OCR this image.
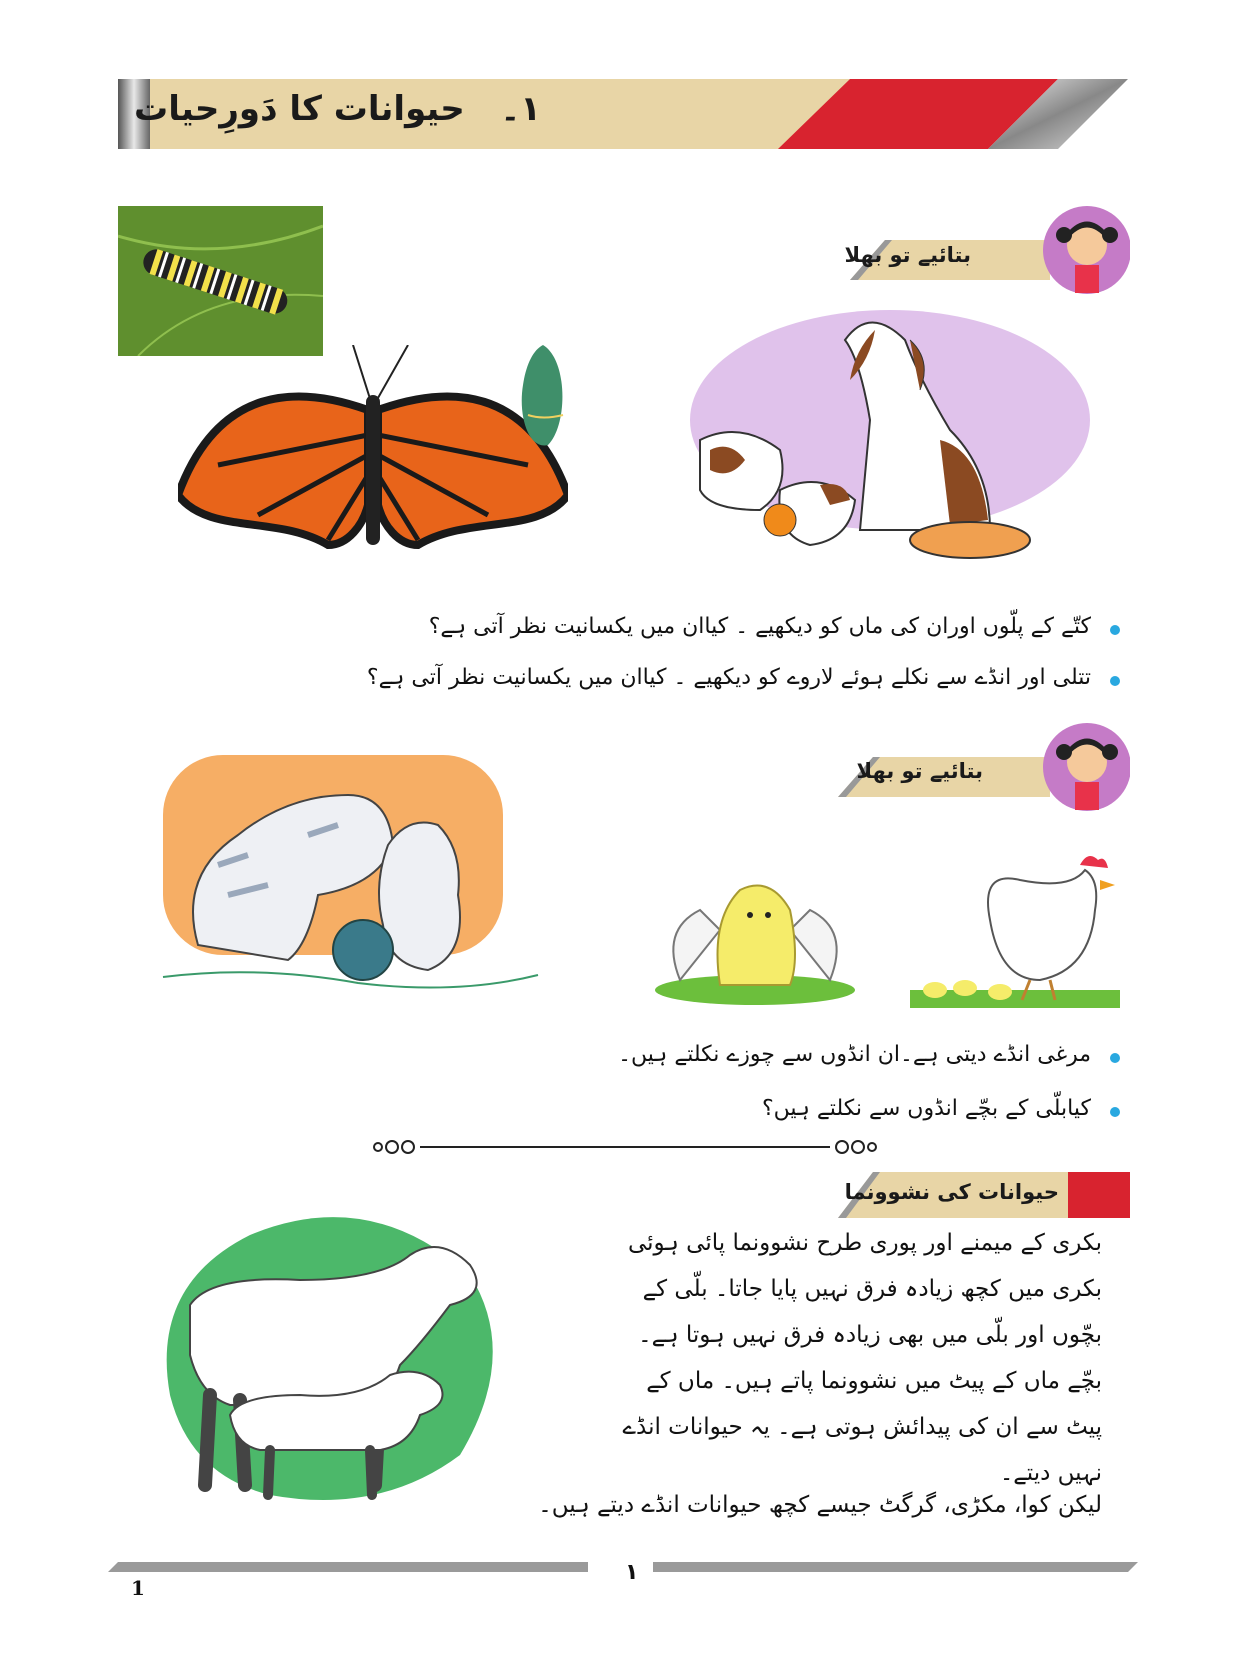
۱۔   حیوانات کا دَورِحیات
بتائیے تو بھلا
کتّے کے پلّوں اوران کی ماں کو دیکھیے ۔ کیاان میں یکسانیت نظر آتی ہے؟
تتلی اور انڈے سے نکلے ہوئے لاروے کو دیکھیے ۔ کیاان میں یکسانیت نظر آتی ہے؟
بتائیے تو بھلا
مرغی انڈے دیتی ہے۔ان انڈوں سے چوزے نکلتے ہیں۔
کیابلّی کے بچّے انڈوں سے نکلتے ہیں؟
حیوانات کی نشوونما
بکری کے میمنے اور پوری طرح نشوونما پائی ہوئی بکری میں کچھ زیادہ فرق نہیں پایا جاتا۔ بلّی کے بچّوں اور بلّی میں بھی زیادہ فرق نہیں ہوتا ہے۔ بچّے ماں کے پیٹ میں نشوونما پاتے ہیں۔ ماں کے پیٹ سے ان کی پیدائش ہوتی ہے۔ یہ حیوانات انڈے نہیں دیتے۔
لیکن کوا، مکڑی، گرگٹ جیسے کچھ حیوانات انڈے دیتے ہیں۔
۱
1
